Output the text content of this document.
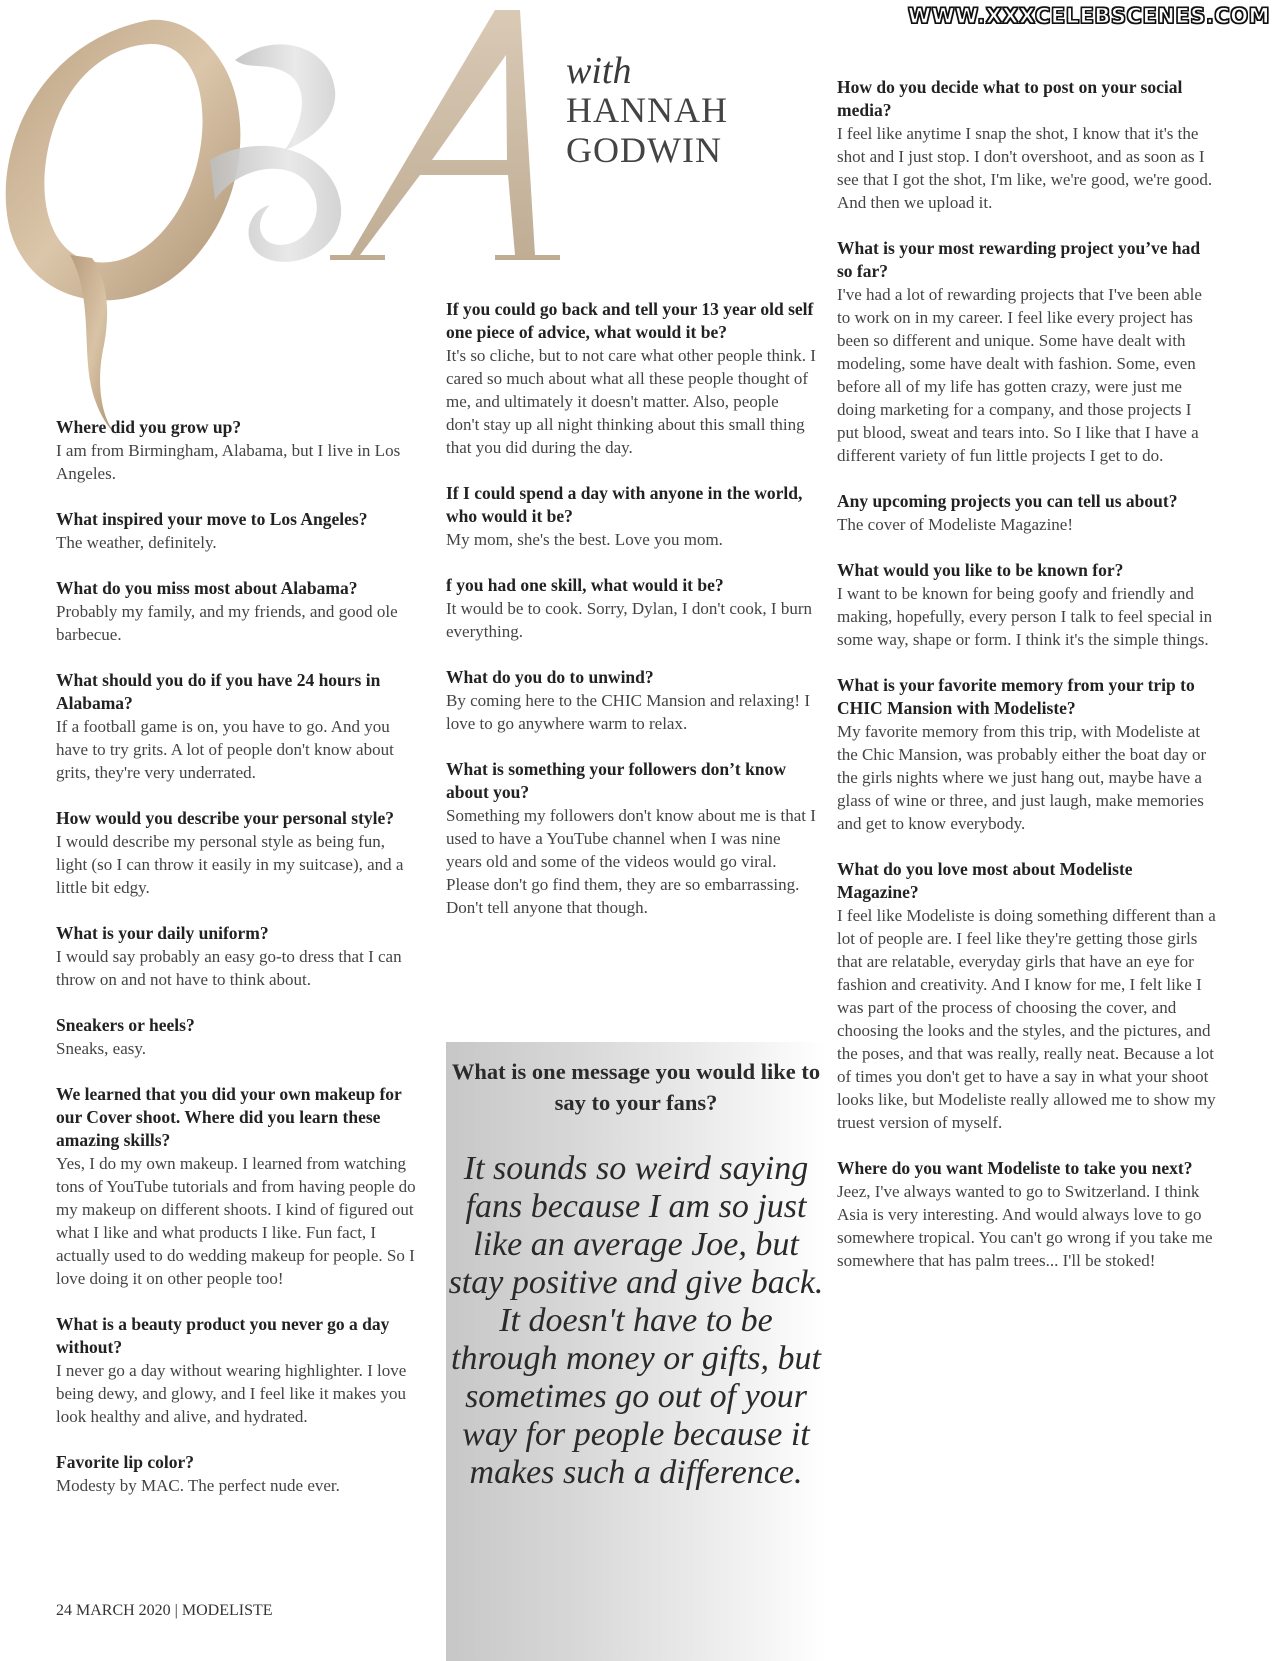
WWW.XXXCELEBSCENES.COM
with
HANNAH
GODWIN

Where did you grow up?

I am from Birmingham, Alabama, but I live in Los Angeles.

What inspired your move to Los Angeles?

The weather, definitely.

What do you miss most about Alabama?

Probably my family, and my friends, and good ole barbecue.

What should you do if you have 24 hours in Alabama?

If a football game is on, you have to go. And you have to try grits. A lot of people don't know about grits, they're very underrated.

How would you describe your personal style?

I would describe my personal style as being fun, light (so I can throw it easily in my suitcase), and a little bit edgy.

What is your daily uniform?

I would say probably an easy go-to dress that I can throw on and not have to think about.

Sneakers or heels?

Sneaks, easy.

We learned that you did your own makeup for our Cover shoot. Where did you learn these amazing skills?

Yes, I do my own makeup. I learned from watching tons of YouTube tutorials and from having people do my makeup on different shoots. I kind of figured out what I like and what products I like. Fun fact, I actually used to do wedding makeup for people. So I love doing it on other people too!

What is a beauty product you never go a day without?

I never go a day without wearing highlighter. I love being dewy, and glowy, and I feel like it makes you look healthy and alive, and hydrated.

Favorite lip color?

Modesty by MAC. The perfect nude ever.

If you could go back and tell your 13 year old self one piece of advice, what would it be?

It's so cliche, but to not care what other people think. I cared so much about what all these people thought of me, and ultimately it doesn't matter. Also, people don't stay up all night thinking about this small thing that you did during the day.

If I could spend a day with anyone in the world, who would it be?

My mom, she's the best. Love you mom.

f you had one skill, what would it be?

It would be to cook. Sorry, Dylan, I don't cook, I burn everything.

What do you do to unwind?

By coming here to the CHIC Mansion and relaxing! I love to go anywhere warm to relax.

What is something your followers don’t know about you?

Something my followers don't know about me is that I used to have a YouTube channel when I was nine years old and some of the videos would go viral. Please don't go find them, they are so embarrassing. Don't tell anyone that though.

What is one message you would like to say to your fans?
It sounds so weird saying fans because I am so just like an average Joe, but stay positive and give back. It doesn't have to be through money or gifts, but sometimes go out of your way for people because it makes such a difference.

How do you decide what to post on your social media?

I feel like anytime I snap the shot, I know that it's the shot and I just stop. I don't overshoot, and as soon as I see that I got the shot, I'm like, we're good, we're good. And then we upload it.

What is your most rewarding project you’ve had so far?

I've had a lot of rewarding projects that I've been able to work on in my career. I feel like every project has been so different and unique. Some have dealt with modeling, some have dealt with fashion. Some, even before all of my life has gotten crazy, were just me doing marketing for a company, and those projects I put blood, sweat and tears into. So I like that I have a different variety of fun little projects I get to do.

Any upcoming projects you can tell us about?

The cover of Modeliste Magazine!

What would you like to be known for?

I want to be known for being goofy and friendly and making, hopefully, every person I talk to feel special in some way, shape or form. I think it's the simple things.

What is your favorite memory from your trip to CHIC Mansion with Modeliste?

My favorite memory from this trip, with Modeliste at the Chic Mansion, was probably either the boat day or the girls nights where we just hang out, maybe have a glass of wine or three, and just laugh, make memories and get to know everybody.

What do you love most about Modeliste Magazine?

I feel like Modeliste is doing something different than a lot of people are. I feel like they're getting those girls that are relatable, everyday girls that have an eye for fashion and creativity. And I know for me, I felt like I was part of the process of choosing the cover, and choosing the looks and the styles, and the pictures, and the poses, and that was really, really neat. Because a lot of times you don't get to have a say in what your shoot looks like, but Modeliste really allowed me to show my truest version of myself.

Where do you want Modeliste to take you next?

Jeez, I've always wanted to go to Switzerland. I think Asia is very interesting. And would always love to go somewhere tropical. You can't go wrong if you take me somewhere that has palm trees... I'll be stoked!

24 MARCH 2020 | MODELISTE
